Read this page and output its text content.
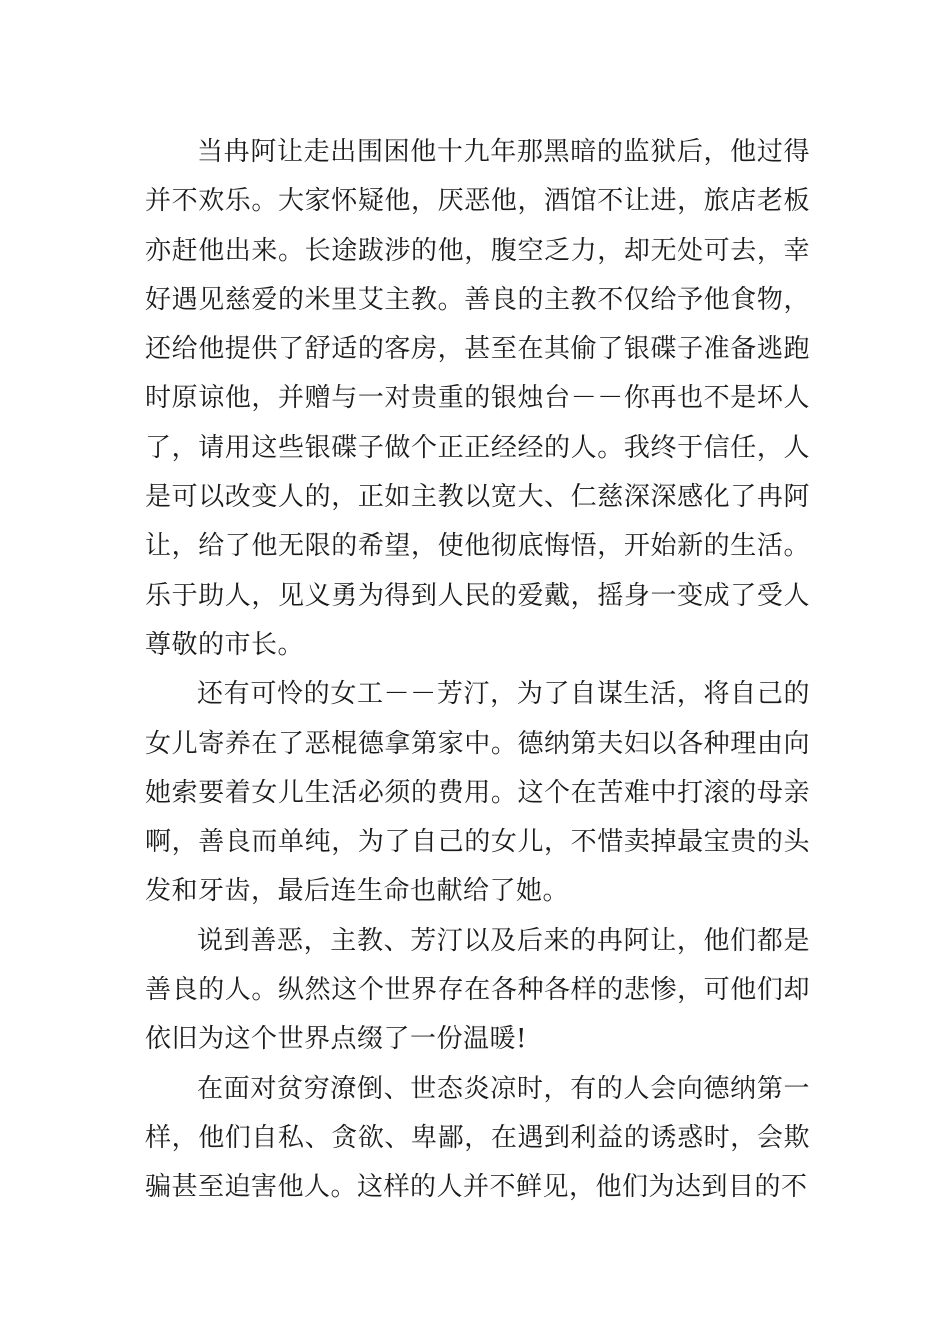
当冉阿让走出围困他十九年那黑暗的监狱后，他过得并不欢乐。大家怀疑他，厌恶他，酒馆不让进，旅店老板亦赶他出来。长途跋涉的他，腹空乏力，却无处可去，幸好遇见慈爱的米里艾主教。善良的主教不仅给予他食物，还给他提供了舒适的客房，甚至在其偷了银碟子准备逃跑时原谅他，并赠与一对贵重的银烛台－－你再也不是坏人了，请用这些银碟子做个正正经经的人。我终于信任，人是可以改变人的，正如主教以宽大、仁慈深深感化了冉阿让，给了他无限的希望，使他彻底悔悟，开始新的生活。乐于助人，见义勇为得到人民的爱戴，摇身一变成了受人尊敬的市长。

还有可怜的女工－－芳汀，为了自谋生活，将自己的女儿寄养在了恶棍德拿第家中。德纳第夫妇以各种理由向她索要着女儿生活必须的费用。这个在苦难中打滚的母亲啊，善良而单纯，为了自己的女儿，不惜卖掉最宝贵的头发和牙齿，最后连生命也献给了她。

说到善恶，主教、芳汀以及后来的冉阿让，他们都是善良的人。纵然这个世界存在各种各样的悲惨，可他们却依旧为这个世界点缀了一份温暖!

在面对贫穷潦倒、世态炎凉时，有的人会向德纳第一样，他们自私、贪欲、卑鄙，在遇到利益的诱惑时，会欺骗甚至迫害他人。这样的人并不鲜见，他们为达到目的不
